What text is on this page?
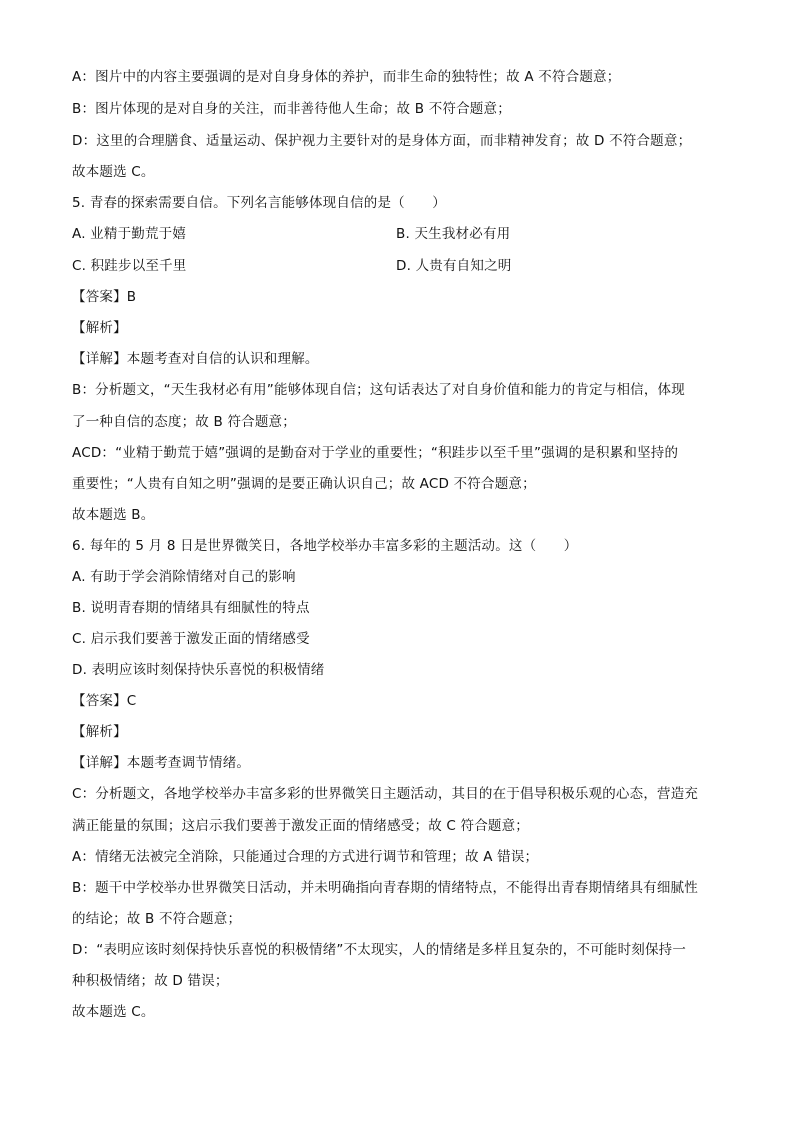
A：图片中的内容主要强调的是对自身身体的养护，而非生命的独特性；故 A 不符合题意；
B：图片体现的是对自身的关注，而非善待他人生命；故 B 不符合题意；
D：这里的合理膳食、适量运动、保护视力主要针对的是身体方面，而非精神发育；故 D 不符合题意；
故本题选 C。
5. 青春的探索需要自信。下列名言能够体现自信的是（　　）
A. 业精于勤荒于嬉	B. 天生我材必有用
C. 积跬步以至千里	D. 人贵有自知之明
【答案】B
【解析】
【详解】本题考查对自信的认识和理解。
B：分析题文，“天生我材必有用”能够体现自信；这句话表达了对自身价值和能力的肯定与相信，体现
了一种自信的态度；故 B 符合题意；
ACD：“业精于勤荒于嬉”强调的是勤奋对于学业的重要性；“积跬步以至千里”强调的是积累和坚持的
重要性；“人贵有自知之明”强调的是要正确认识自己；故 ACD 不符合题意；
故本题选 B。
6. 每年的 5 月 8 日是世界微笑日，各地学校举办丰富多彩的主题活动。这（　　）
A. 有助于学会消除情绪对自己的影响
B. 说明青春期的情绪具有细腻性的特点
C. 启示我们要善于激发正面的情绪感受
D. 表明应该时刻保持快乐喜悦的积极情绪
【答案】C
【解析】
【详解】本题考查调节情绪。
C：分析题文，各地学校举办丰富多彩的世界微笑日主题活动，其目的在于倡导积极乐观的心态，营造充
满正能量的氛围；这启示我们要善于激发正面的情绪感受；故 C 符合题意；
A：情绪无法被完全消除，只能通过合理的方式进行调节和管理；故 A 错误；
B：题干中学校举办世界微笑日活动，并未明确指向青春期的情绪特点，不能得出青春期情绪具有细腻性
的结论；故 B 不符合题意；
D：“表明应该时刻保持快乐喜悦的积极情绪”不太现实，人的情绪是多样且复杂的，不可能时刻保持一
种积极情绪；故 D 错误；
故本题选 C。
